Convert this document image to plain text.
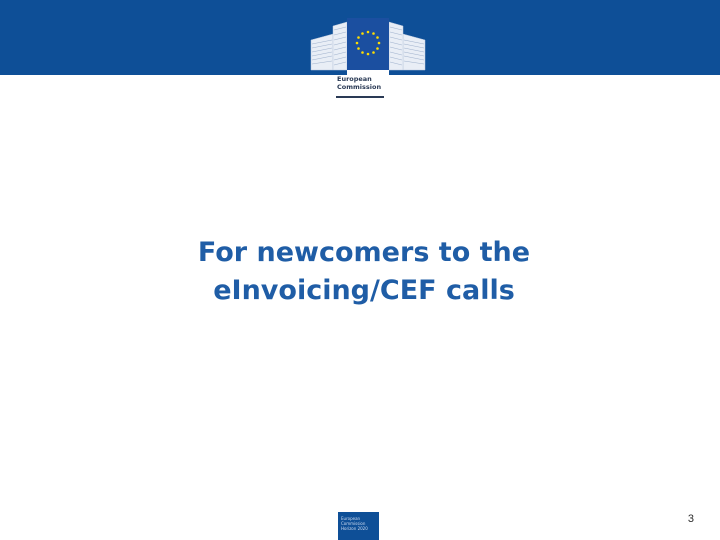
European
Commission
For newcomers to the
eInvoicing/CEF calls
European
Commission
Horizon 2020
3
